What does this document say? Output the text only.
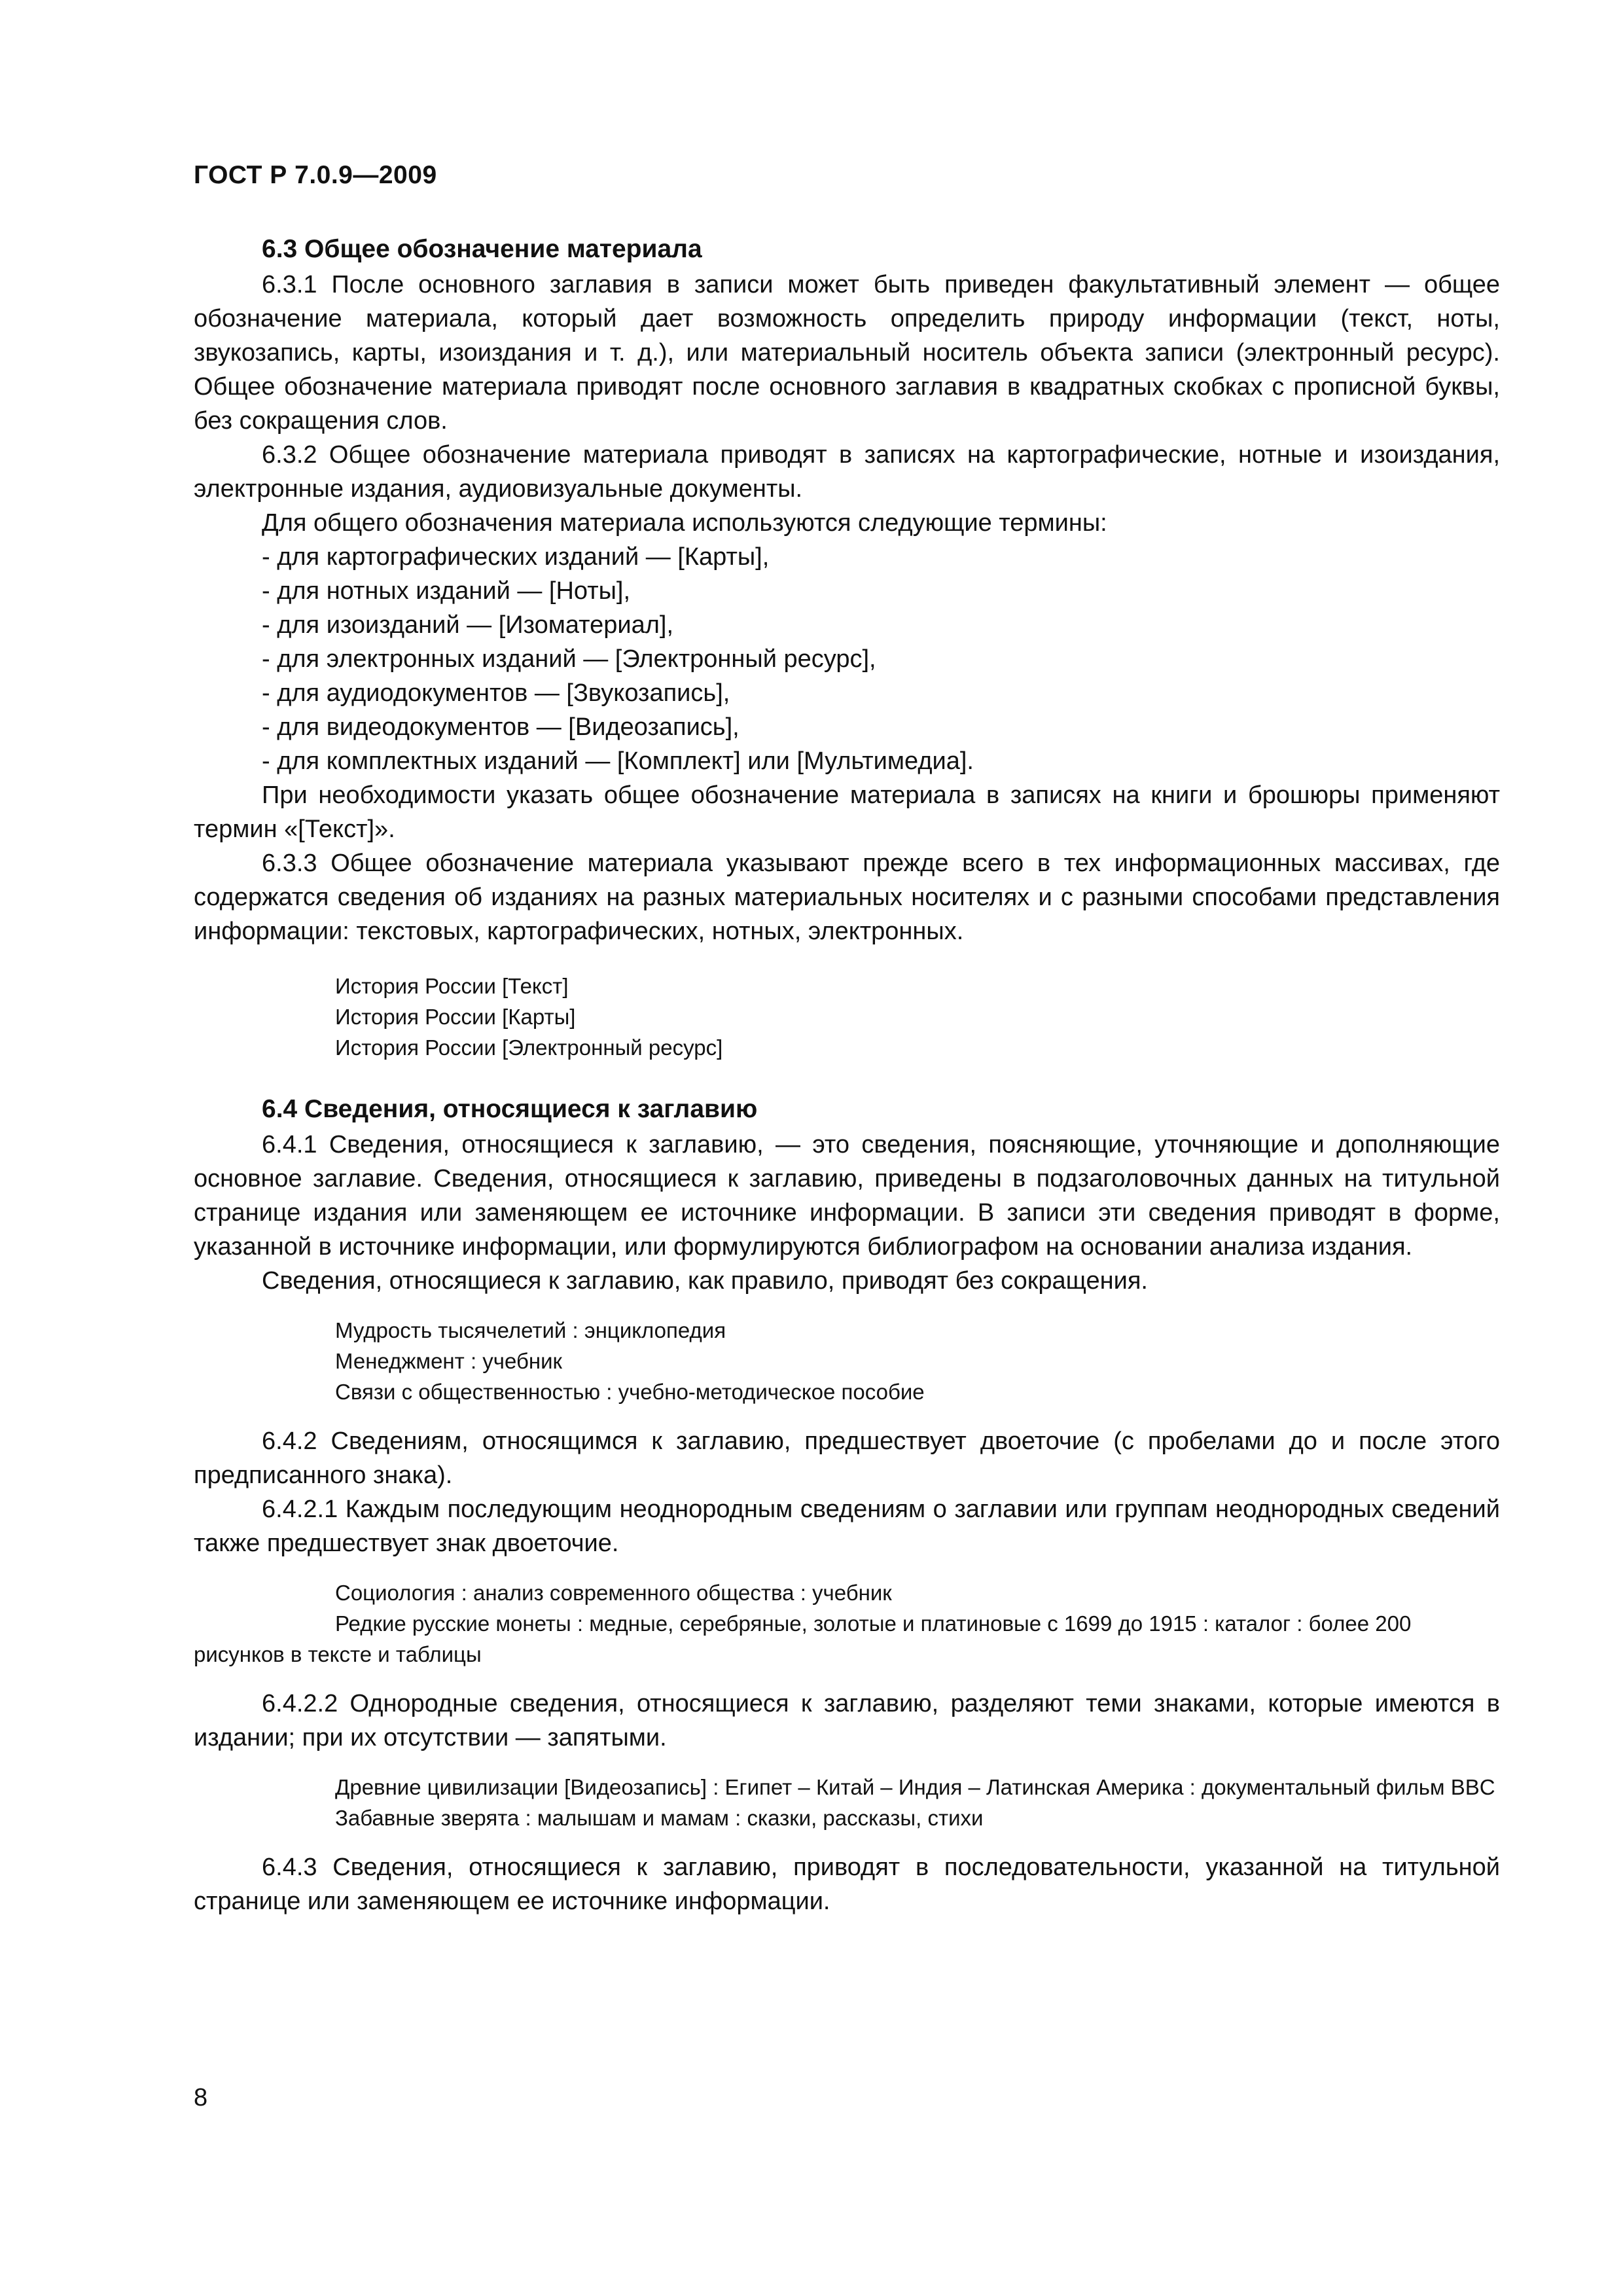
ГОСТ Р 7.0.9—2009
6.3 Общее обозначение материала

6.3.1 После основного заглавия в записи может быть приведен факультативный элемент — общее обозначение материала, который дает возможность определить природу информации (текст, ноты, звукозапись, карты, изоиздания и т. д.), или материальный носитель объекта записи (электронный ресурс). Общее обозначение материала приводят после основного заглавия в квадратных скобках с прописной буквы, без сокращения слов.

6.3.2 Общее обозначение материала приводят в записях на картографические, нотные и изоиздания, электронные издания, аудиовизуальные документы.

Для общего обозначения материала используются следующие термины:

- для картографических изданий — [Карты],

- для нотных изданий — [Ноты],

- для изоизданий — [Изоматериал],

- для электронных изданий — [Электронный ресурс],

- для аудиодокументов — [Звукозапись],

- для видеодокументов — [Видеозапись],

- для комплектных изданий — [Комплект] или [Мультимедиа].

При необходимости указать общее обозначение материала в записях на книги и брошюры применяют термин «[Текст]».

6.3.3 Общее обозначение материала указывают прежде всего в тех информационных массивах, где содержатся сведения об изданиях на разных материальных носителях и с разными способами представления информации: текстовых, картографических, нотных, электронных.

История России [Текст]
История России [Карты]
История России [Электронный ресурс]
6.4 Сведения, относящиеся к заглавию

6.4.1 Сведения, относящиеся к заглавию, — это сведения, поясняющие, уточняющие и дополняющие основное заглавие. Сведения, относящиеся к заглавию, приведены в подзаголовочных данных на титульной странице издания или заменяющем ее источнике информации. В записи эти сведения приводят в форме, указанной в источнике информации, или формулируются библиографом на основании анализа издания.

Сведения, относящиеся к заглавию, как правило, приводят без сокращения.

Мудрость тысячелетий : энциклопедия
Менеджмент : учебник
Связи с общественностью : учебно-методическое пособие

6.4.2 Сведениям, относящимся к заглавию, предшествует двоеточие (с пробелами до и после этого предписанного знака).

6.4.2.1 Каждым последующим неоднородным сведениям о заглавии или группам неоднородных сведений также предшествует знак двоеточие.

Социология : анализ современного общества : учебник
Редкие русские монеты : медные, серебряные, золотые и платиновые с 1699 до 1915 : каталог : более 200 рисунков в тексте и таблицы

6.4.2.2 Однородные сведения, относящиеся к заглавию, разделяют теми знаками, которые имеются в издании; при их отсутствии — запятыми.

Древние цивилизации [Видеозапись] : Египет – Китай – Индия – Латинская Америка : документальный фильм BBC
Забавные зверята : малышам и мамам : сказки, рассказы, стихи

6.4.3 Сведения, относящиеся к заглавию, приводят в последовательности, указанной на титульной странице или заменяющем ее источнике информации.

8
